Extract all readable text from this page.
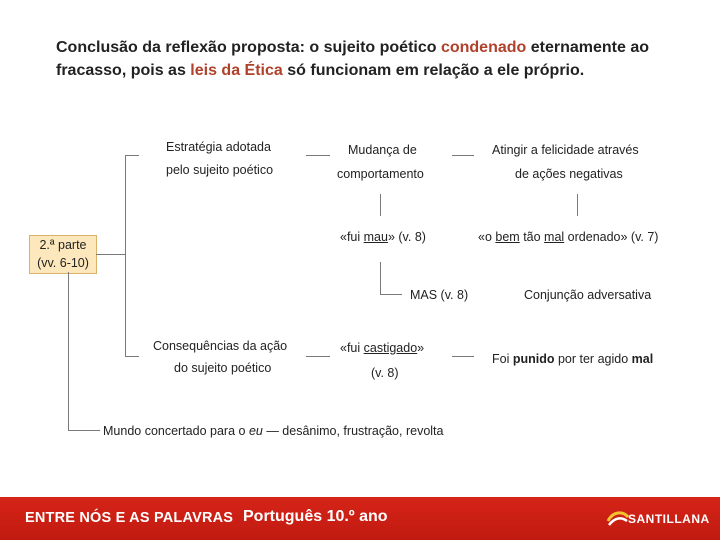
Conclusão da reflexão proposta: o sujeito poético condenado eternamente ao fracasso, pois as leis da Ética só funcionam em relação a ele próprio.
2.ª parte
(vv. 6-10)
Estratégia adotada
pelo sujeito poético
Mudança de
comportamento
Atingir a felicidade através
de ações negativas
«fui mau» (v. 8)	«o bem tão mal ordenado» (v. 7)
MAS (v. 8)	Conjunção adversativa
Consequências da ação
do sujeito poético
«fui castigado»
(v. 8)
Foi punido por ter agido mal
Mundo concertado para o eu — desânimo, frustração, revolta
ENTRE NÓS E AS PALAVRAS Português 10.º ano	SANTILLANA
